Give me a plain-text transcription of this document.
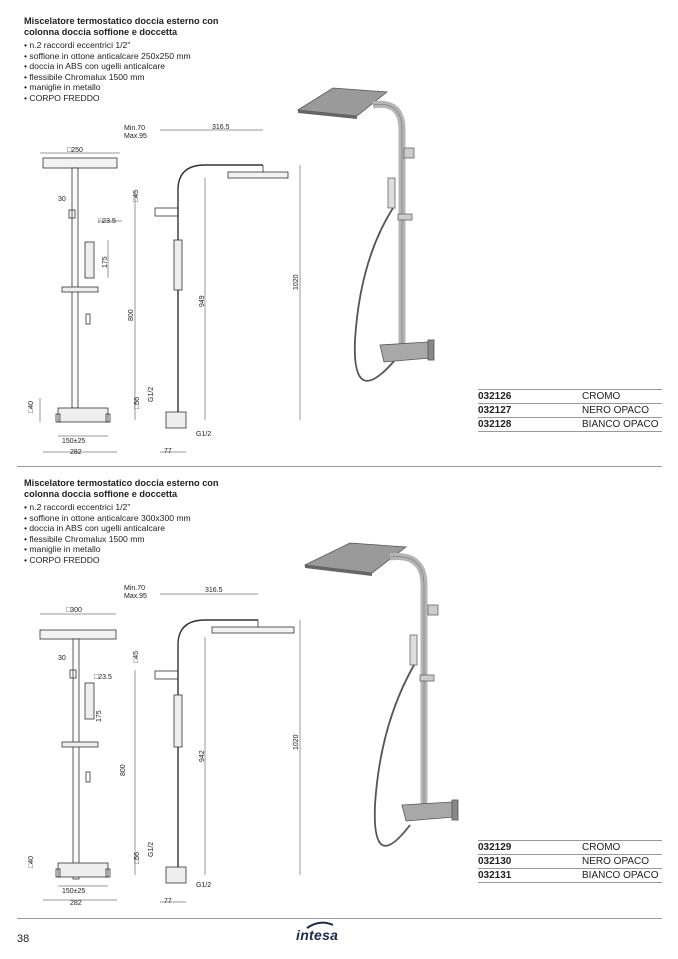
Miscelatore termostatico doccia esterno con colonna doccia soffione e doccetta
• n.2 raccordi eccentrici 1/2"
• soffione in ottone anticalcare 250x250 mm
• doccia in ABS con ugelli anticalcare
• flessibile Chromalux 1500 mm
• maniglie in metallo
• CORPO FREDDO
□250
30
□23.5
175
800
□40
150±25
282
Min.70
Max.95
316.5
□45
949
1020
□56
G1/2
G1/2
77
032126	CROMO
032127	NERO OPACO
032128	BIANCO OPACO
Miscelatore termostatico doccia esterno con colonna doccia soffione e doccetta
• n.2 raccordi eccentrici 1/2"
• soffione in ottone anticalcare 300x300 mm
• doccia in ABS con ugelli anticalcare
• flessibile Chromalux 1500 mm
• maniglie in metallo
• CORPO FREDDO
□300
30
□23.5
175
800
□40
150±25
282
Min.70
Max.95
316.5
□45
942
1020
□56
G1/2
G1/2
77
032129	CROMO
032130	NERO OPACO
032131	BIANCO OPACO
38	intesa
